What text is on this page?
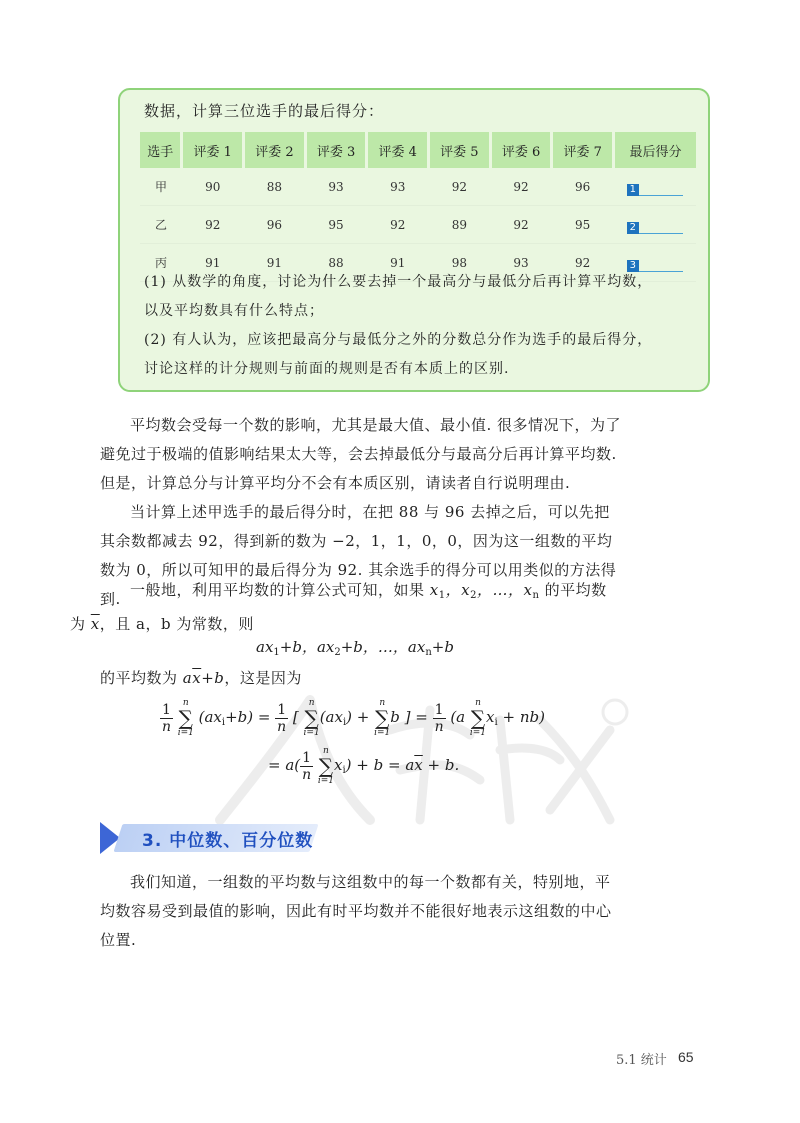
数据，计算三位选手的最后得分：
选手	评委 1	评委 2	评委 3	评委 4	评委 5	评委 6	评委 7	最后得分
甲	90	88	93	93	92	92	96	1
乙	92	96	95	92	89	92	95	2
丙	91	91	88	91	98	93	92	3
(1) 从数学的角度，讨论为什么要去掉一个最高分与最低分后再计算平均数，
以及平均数具有什么特点；
(2) 有人认为，应该把最高分与最低分之外的分数总分作为选手的最后得分，
讨论这样的计分规则与前面的规则是否有本质上的区别.
平均数会受每一个数的影响，尤其是最大值、最小值. 很多情况下，为了避免过于极端的值影响结果太大等，会去掉最低分与最高分后再计算平均数. 但是，计算总分与计算平均分不会有本质区别，请读者自行说明理由.
当计算上述甲选手的最后得分时，在把 88 与 96 去掉之后，可以先把其余数都减去 92，得到新的数为 −2，1，1，0，0，因为这一组数的平均数为 0，所以可知甲的最后得分为 92. 其余选手的得分可以用类似的方法得到. 一般地，利用平均数的计算公式可知，如果 $x_1$，$x_2$，…，$x_n$ 的平均数
为 $\overline{x}$，且 a，b 为常数，则
$ax_1+b$，$ax_2+b$，…，$ax_n+b$
的平均数为 $a\overline{x}+b$，这是因为
$\frac{1}{n}$
	n
∑
i=1
$(ax_i+b) = \frac{1}{n}$ [
n
∑
i=1
$(ax_i)$ +
n
∑
i=1
b ] = $\frac{1}{n} (a$
n
∑
i=1
$x_i + nb$)
= $a( \frac{1}{n}$
	n
∑
i=1
$x_i) + b = a\overline{x} + b$.
3. 中位数、百分位数
我们知道，一组数的平均数与这组数中的每一个数都有关，特别地，平均数容易受到最值的影响，因此有时平均数并不能很好地表示这组数的中心位置.
5.1 统计 65
